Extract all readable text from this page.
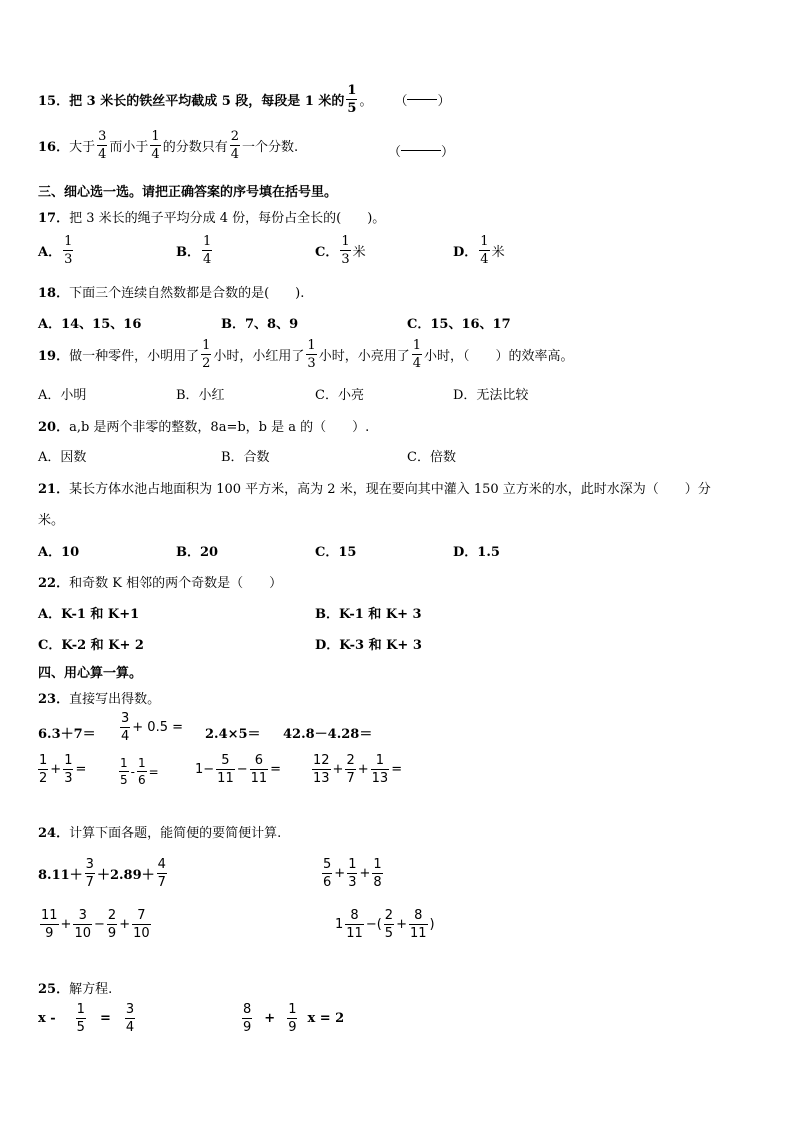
15． 把 3 米长的铁丝平均截成 5 段，每段是 1 米的 $\frac{1}{5}$ 。 （ ）
16． 大于 $\frac{3}{4}$ 而小于 $\frac{1}{4}$ 的分数只有 $\frac{2}{4}$ 一个分数.	（	）
三、细心选一选。请把正确答案的序号填在括号里。
17． 把 3 米长的绳子平均分成 4 份，每份占全长的(　　)。
A． $\frac{1}{3}$	B． $\frac{1}{4}$	C． $\frac{1}{3}$ 米	D． $\frac{1}{4}$ 米
18． 下面三个连续自然数都是合数的是(　　).
A．14、15、16	B．7、8、9	C．15、16、17
19． 做一种零件，小明用了 $\frac{1}{2}$ 小时，小红用了 $\frac{1}{3}$ 小时，小亮用了 $\frac{1}{4}$ 小时，（　　）的效率高。
A．小明	B．小红	C．小亮	D．无法比较
20． a,b 是两个非零的整数，8a=b，b 是 a 的（　　）.
A．因数	B．合数	C．倍数
21． 某长方体水池占地面积为 100 平方米，高为 2 米，现在要向其中灌入 150 立方米的水，此时水深为（　　）分
米。
A．10	B．20	C．15	D．1.5
22． 和奇数 K 相邻的两个奇数是（　　）
A．K-1 和 K+1	B．K-1 和 K+ 3
C．K-2 和 K+ 2	D．K-3 和 K+ 3
四、用心算一算。
23． 直接写出得数。
$6.3+7= \frac{3}{4} + 0.5 = 2.4\times 5= 42.8-4.28=$
$\frac{1}{2} + \frac{1}{3}$ =	$\frac{1}{5} - \frac{1}{6}$ =	$1- \frac{5}{11} - \frac{6}{11} = \frac{12}{13} + \frac{2}{7} + \frac{1}{13}$ =
24． 计算下面各题，能简便的要简便计算.
$8.11+ \frac{3}{7} +2.89+ \frac{4}{7}$	$\frac{5}{6} + \frac{1}{3} + \frac{1}{8}$
$\frac{11}{9} + \frac{3}{10} - \frac{2}{9} + \frac{7}{10}$	$1 \frac{8}{11}$ −( $\frac{2}{5} + \frac{8}{11}$ )
25． 解方程.
$x - \frac{1}{5} = \frac{3}{4}$	$\frac{8}{9} + \frac{1}{9}$ x = 2
